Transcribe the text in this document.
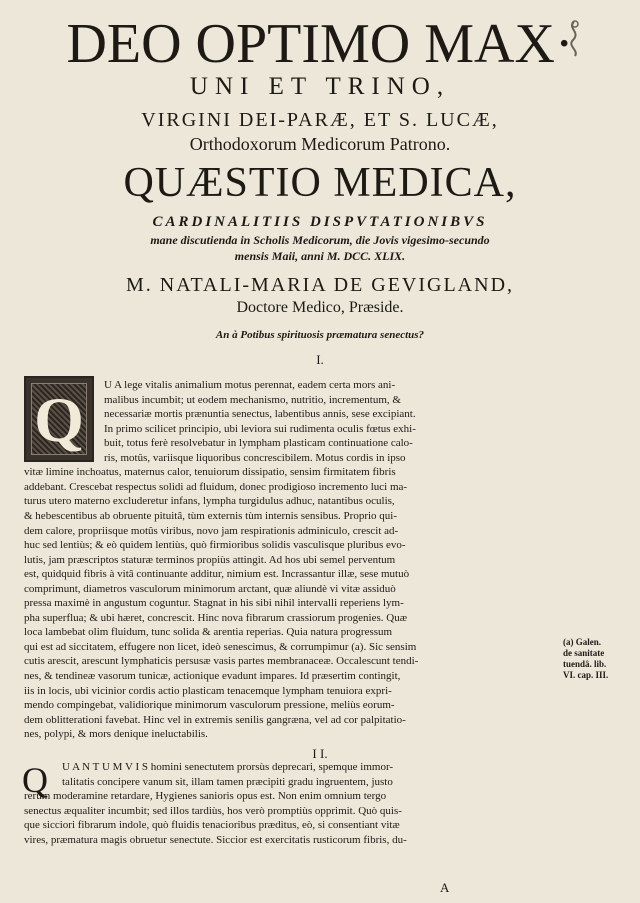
DEO OPTIMO MAX·
UNI ET TRINO,
VIRGINI DEI-PARÆ, ET S. LUCÆ,
Orthodoxorum Medicorum Patrono.
QUÆSTIO MEDICA,
CARDINALITIIS DISPVTATIONIBVS
mane discutienda in Scholis Medicorum, die Jovis vigesimo-secundo
mensis Maii, anni M. DCC. XLIX.
M. NATALI-MARIA DE GEVIGLAND,
Doctore Medico, Præside.
An à Potibus spirituosis præmatura senectus?
I.
Q	U A lege vitalis animalium motus perennat, eadem certa mors ani-
malibus incumbit; ut eodem mechanismo, nutritio, incrementum, &
necessariæ mortis prænuntia senectus, labentibus annis, sese excipiant.
In primo scilicet principio, ubi leviora sui rudimenta oculis fœtus exhi-
buit, totus ferè resolvebatur in lympham plasticam continuatione calo-
ris, motûs, variisque liquoribus concrescibilem. Motus cordis in ipso
vitæ limine inchoatus, maternus calor, tenuiorum dissipatio, sensim firmitatem fibris
addebant. Crescebat respectus solidi ad fluidum, donec prodigioso incremento luci ma-
turus utero materno excluderetur infans, lympha turgidulus adhuc, natantibus oculis,
& hebescentibus ab obruente pituitâ, tùm externis tùm internis sensibus. Proprio qui-
dem calore, propriisque motûs viribus, novo jam respirationis adminiculo, crescit ad-
huc sed lentiùs; & eò quidem lentiùs, quò firmioribus solidis vasculisque pluribus evo-
lutis, jam præscriptos staturæ terminos propiùs attingit. Ad hos ubi semel perventum
est, quidquid fibris à vitâ continuante additur, nimium est. Incrassantur illæ, sese mutuò
comprimunt, diametros vasculorum minimorum arctant, quæ aliundè vi vitæ assiduò
pressa maximè in angustum coguntur. Stagnat in his sibi nihil intervalli reperiens lym-
pha superflua; & ubi hæret, concrescit. Hinc nova fibrarum crassiorum progenies. Quæ
loca lambebat olim fluidum, tunc solida & arentia reperias. Quia natura progressum
qui est ad siccitatem, effugere non licet, ideò senescimus, & corrumpimur (a). Sic sensim
cutis arescit, arescunt lymphaticis persusæ vasis partes membranaceæ. Occalescunt tendi-
nes, & tendineæ vasorum tunicæ, actionique evadunt impares. Id præsertim contingit,
iis in locis, ubi vicinior cordis actio plasticam tenacemque lympham tenuiora expri-
mendo compingebat, validiorique minimorum vasculorum pressione, meliùs eorum-
dem oblitterationi favebat. Hinc vel in extremis senilis gangræna, vel ad cor palpitatio-
nes, polypi, & mors denique ineluctabilis.
(a) Galen.
de sanitate
tuendâ. lib.
VI. cap. III.
I I.
Q U A N T U M V I S homini senectutem prorsùs deprecari, spemque immor-
talitatis concipere vanum sit, illam tamen præcipiti gradu ingruentem, justo
rerum moderamine retardare, Hygienes sanioris opus est. Non enim omnium tergo
senectus æqualiter incumbit; sed illos tardiùs, hos verò promptiùs opprimit. Quò quis-
que sicciori fibrarum indole, quò fluidis tenacioribus præditus, eò, si consentiant vitæ
vires, præmatura magis obruetur senectute. Siccior est exercitatis rusticorum fibris, du-
A
